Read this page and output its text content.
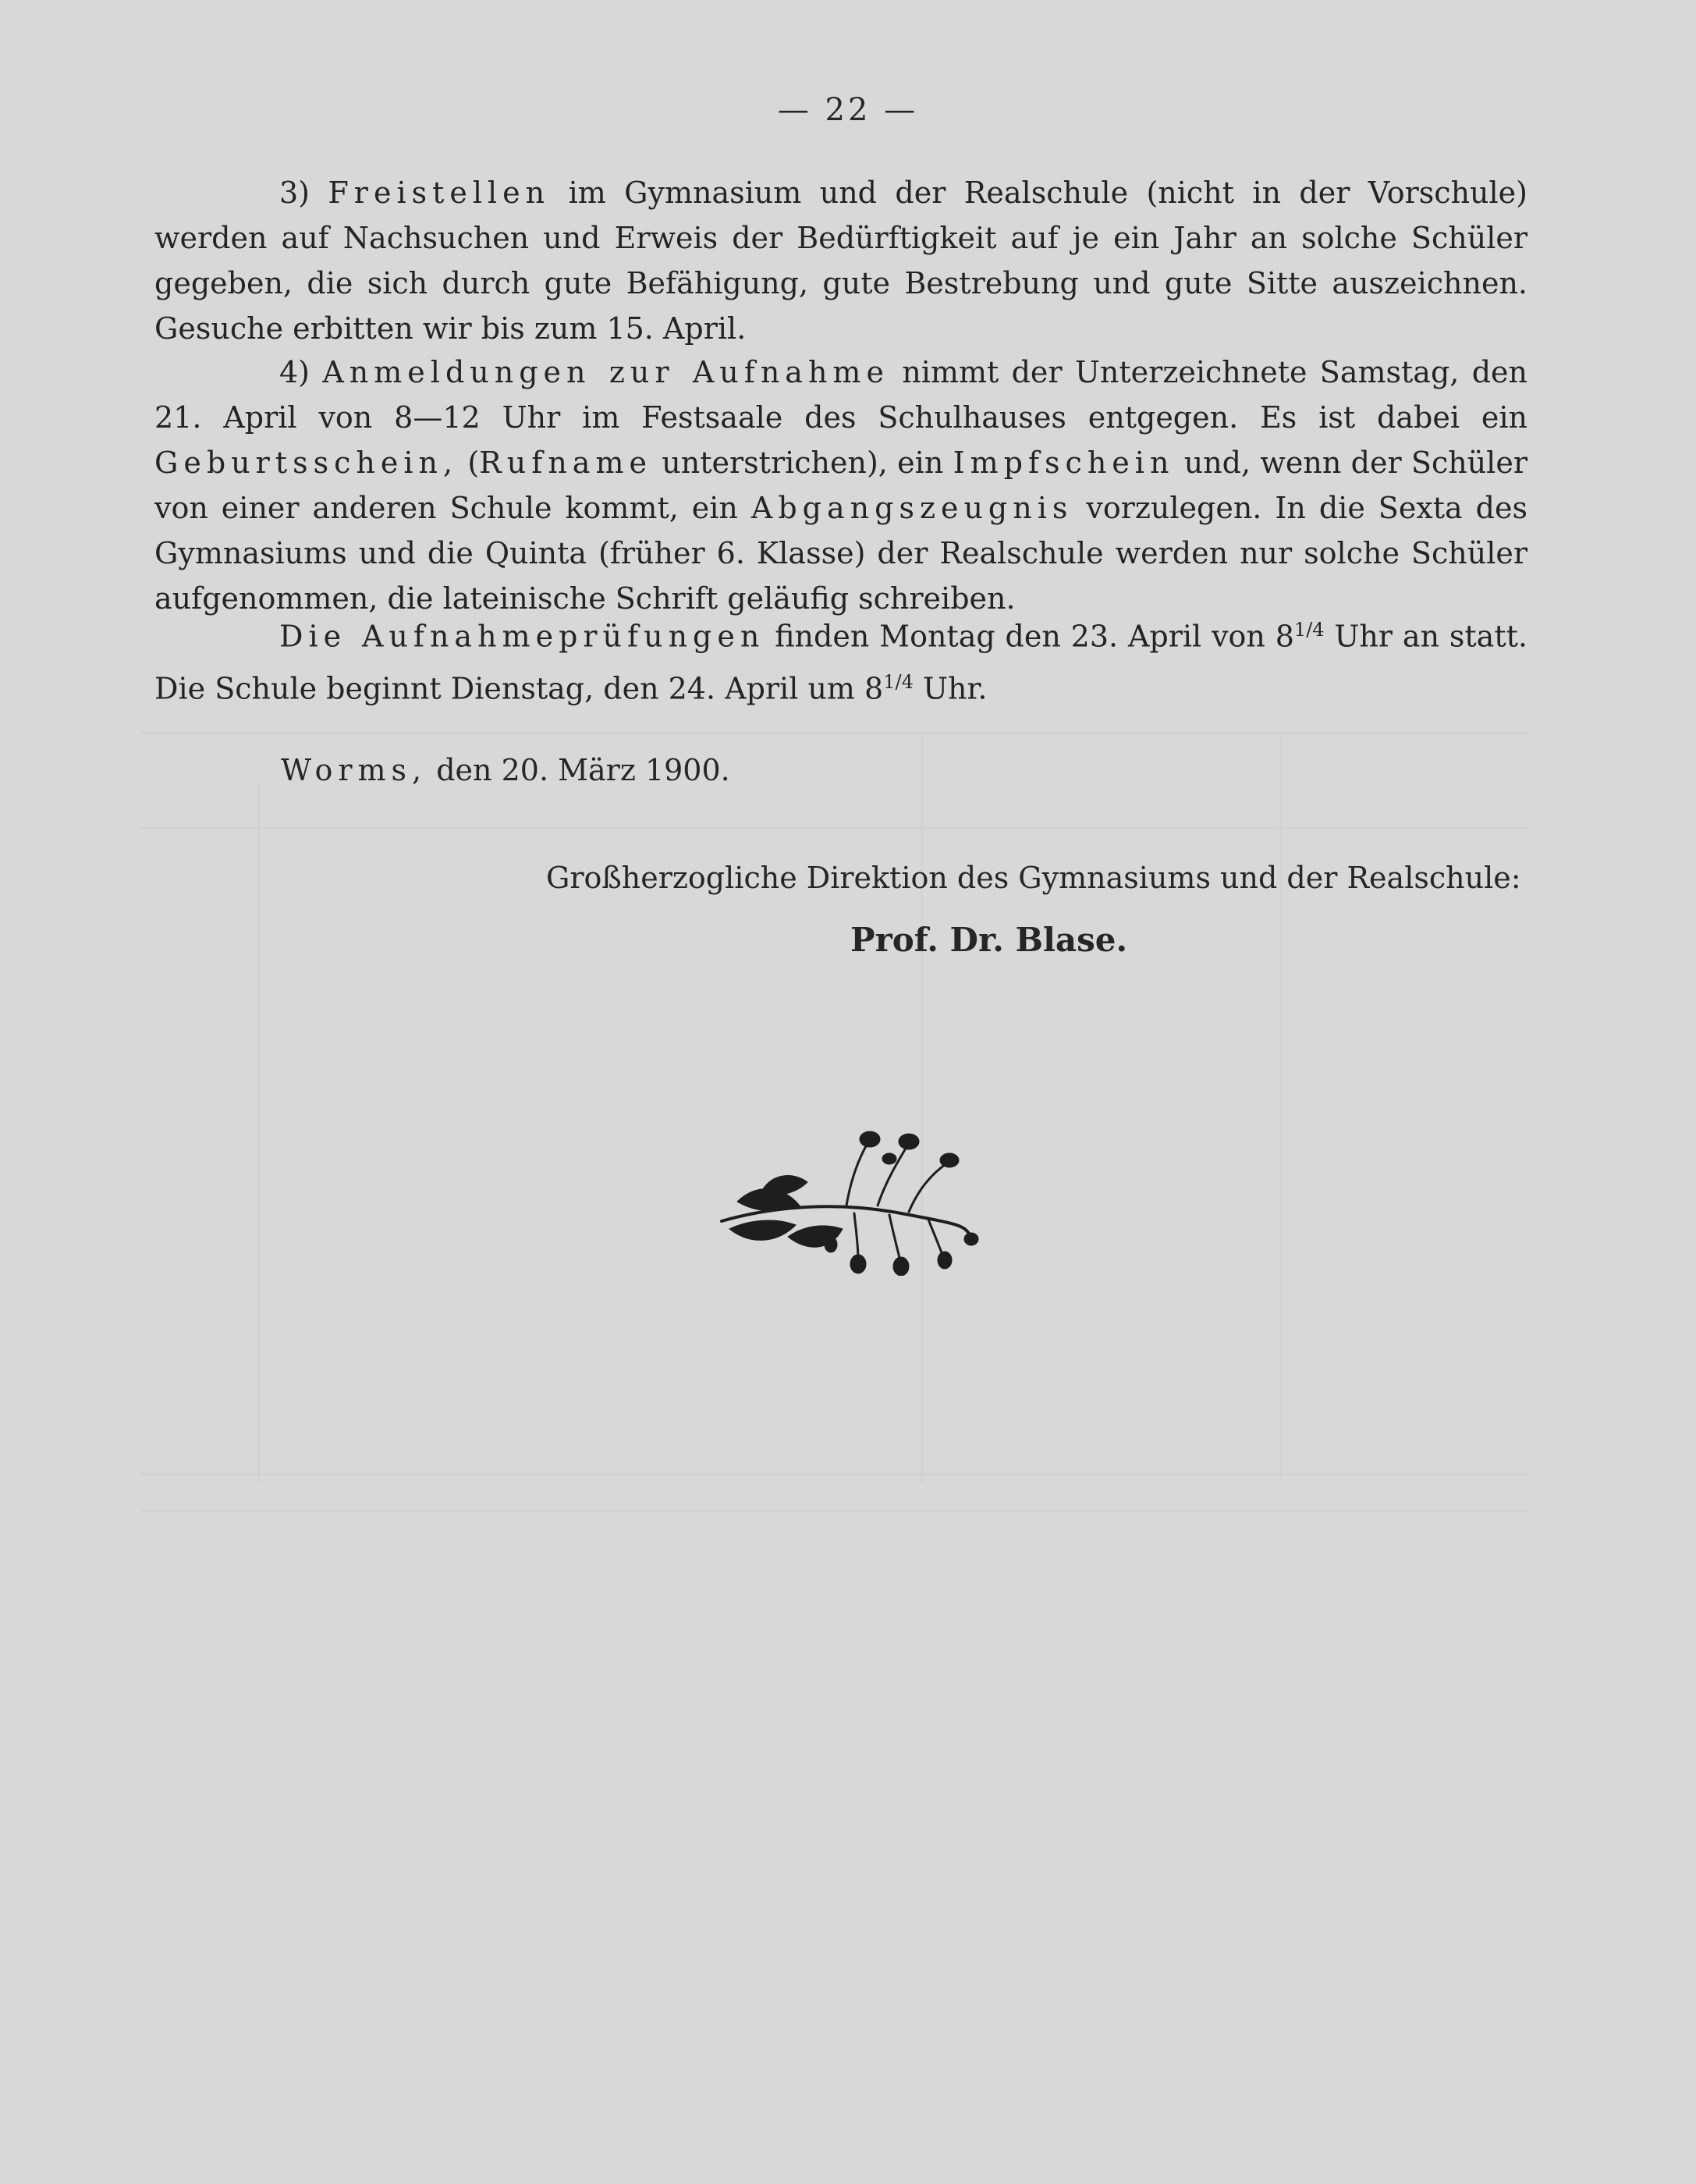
— 22 —

3) Freistellen im Gymnasium und der Realschule (nicht in der Vorschule) werden auf Nachsuchen und Erweis der Bedürftigkeit auf je ein Jahr an solche Schüler gegeben, die sich durch gute Befähigung, gute Bestrebung und gute Sitte auszeichnen. Gesuche erbitten wir bis zum 15. April.

4) Anmeldungen zur Aufnahme nimmt der Unterzeichnete Samstag, den 21. April von 8—12 Uhr im Festsaale des Schulhauses entgegen. Es ist dabei ein Geburtsschein, (Rufname unterstrichen), ein Impfschein und, wenn der Schüler von einer anderen Schule kommt, ein Abgangszeugnis vorzulegen. In die Sexta des Gymnasiums und die Quinta (früher 6. Klasse) der Realschule werden nur solche Schüler aufgenommen, die lateinische Schrift geläufig schreiben.

Die Aufnahmeprüfungen finden Montag den 23. April von $8^{1/4}$ Uhr an statt. Die Schule beginnt Dienstag, den 24. April um $8^{1/4}$ Uhr.

Worms, den 20. März 1900.
Großherzogliche Direktion des Gymnasiums und der Realschule:
Prof. Dr. Blase.
